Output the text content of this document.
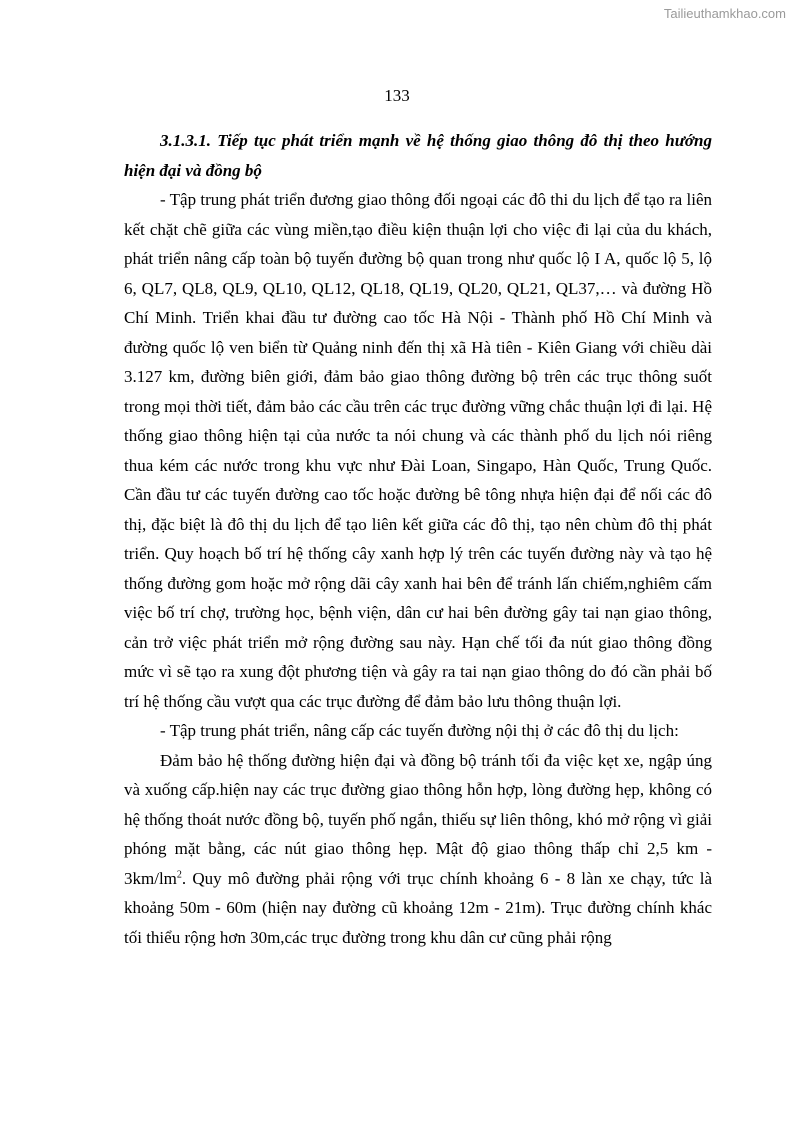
Tailieuthamkhao.com
133

3.1.3.1. Tiếp tục phát triển mạnh về hệ thống giao thông đô thị theo hướng hiện đại và đồng bộ

- Tập trung phát triển đương giao thông đối ngoại các đô thi du lịch để tạo ra liên kết chặt chẽ giữa các vùng miền,tạo điều kiện thuận lợi cho việc đi lại của du khách, phát triển nâng cấp toàn bộ tuyến đường bộ quan trong như quốc lộ I A, quốc lộ 5, lộ 6, QL7, QL8, QL9, QL10, QL12, QL18, QL19, QL20, QL21, QL37,… và đường Hồ Chí Minh. Triển khai đầu tư đường cao tốc Hà Nội - Thành phố Hồ Chí Minh và đường quốc lộ ven biển từ Quảng ninh đến thị xã Hà tiên - Kiên Giang với chiều dài 3.127 km, đường biên giới, đảm bảo giao thông đường bộ trên các trục thông suốt trong mọi thời tiết, đảm bảo các cầu trên các trục đường vững chắc thuận lợi đi lại. Hệ thống giao thông hiện tại của nước ta nói chung và các thành phố du lịch nói riêng thua kém các nước trong khu vực như Đài Loan, Singapo, Hàn Quốc, Trung Quốc. Cần đầu tư các tuyến đường cao tốc hoặc đường bê tông nhựa hiện đại để nối các đô thị, đặc biệt là đô thị du lịch để tạo liên kết giữa các đô thị, tạo nên chùm đô thị phát triển. Quy hoạch bố trí hệ thống cây xanh hợp lý trên các tuyến đường này và tạo hệ thống đường gom hoặc mở rộng dãi cây xanh hai bên để tránh lấn chiếm,nghiêm cấm việc bố trí chợ, trường học, bệnh viện, dân cư hai bên đường gây tai nạn giao thông, cản trở việc phát triển mở rộng đường sau này. Hạn chế tối đa nút giao thông đồng mức vì sẽ tạo ra xung đột phương tiện và gây ra tai nạn giao thông do đó cần phải bố trí hệ thống cầu vượt qua các trục đường để đảm bảo lưu thông thuận lợi.

- Tập trung phát triển, nâng cấp các tuyến đường nội thị ở các đô thị du lịch:

Đảm bảo hệ thống đường hiện đại và đồng bộ tránh tối đa việc kẹt xe, ngập úng và xuống cấp.hiện nay các trục đường giao thông hỗn hợp, lòng đường hẹp, không có hệ thống thoát nước đồng bộ, tuyến phố ngắn, thiếu sự liên thông, khó mở rộng vì giải phóng mặt bằng, các nút giao thông hẹp. Mật độ giao thông thấp chỉ 2,5 km - $3km/lm^2$. Quy mô đường phải rộng với trục chính khoảng 6 - 8 làn xe chạy, tức là khoảng 50m - 60m (hiện nay đường cũ khoảng 12m - 21m). Trục đường chính khác tối thiểu rộng hơn 30m,các trục đường trong khu dân cư cũng phải rộng
